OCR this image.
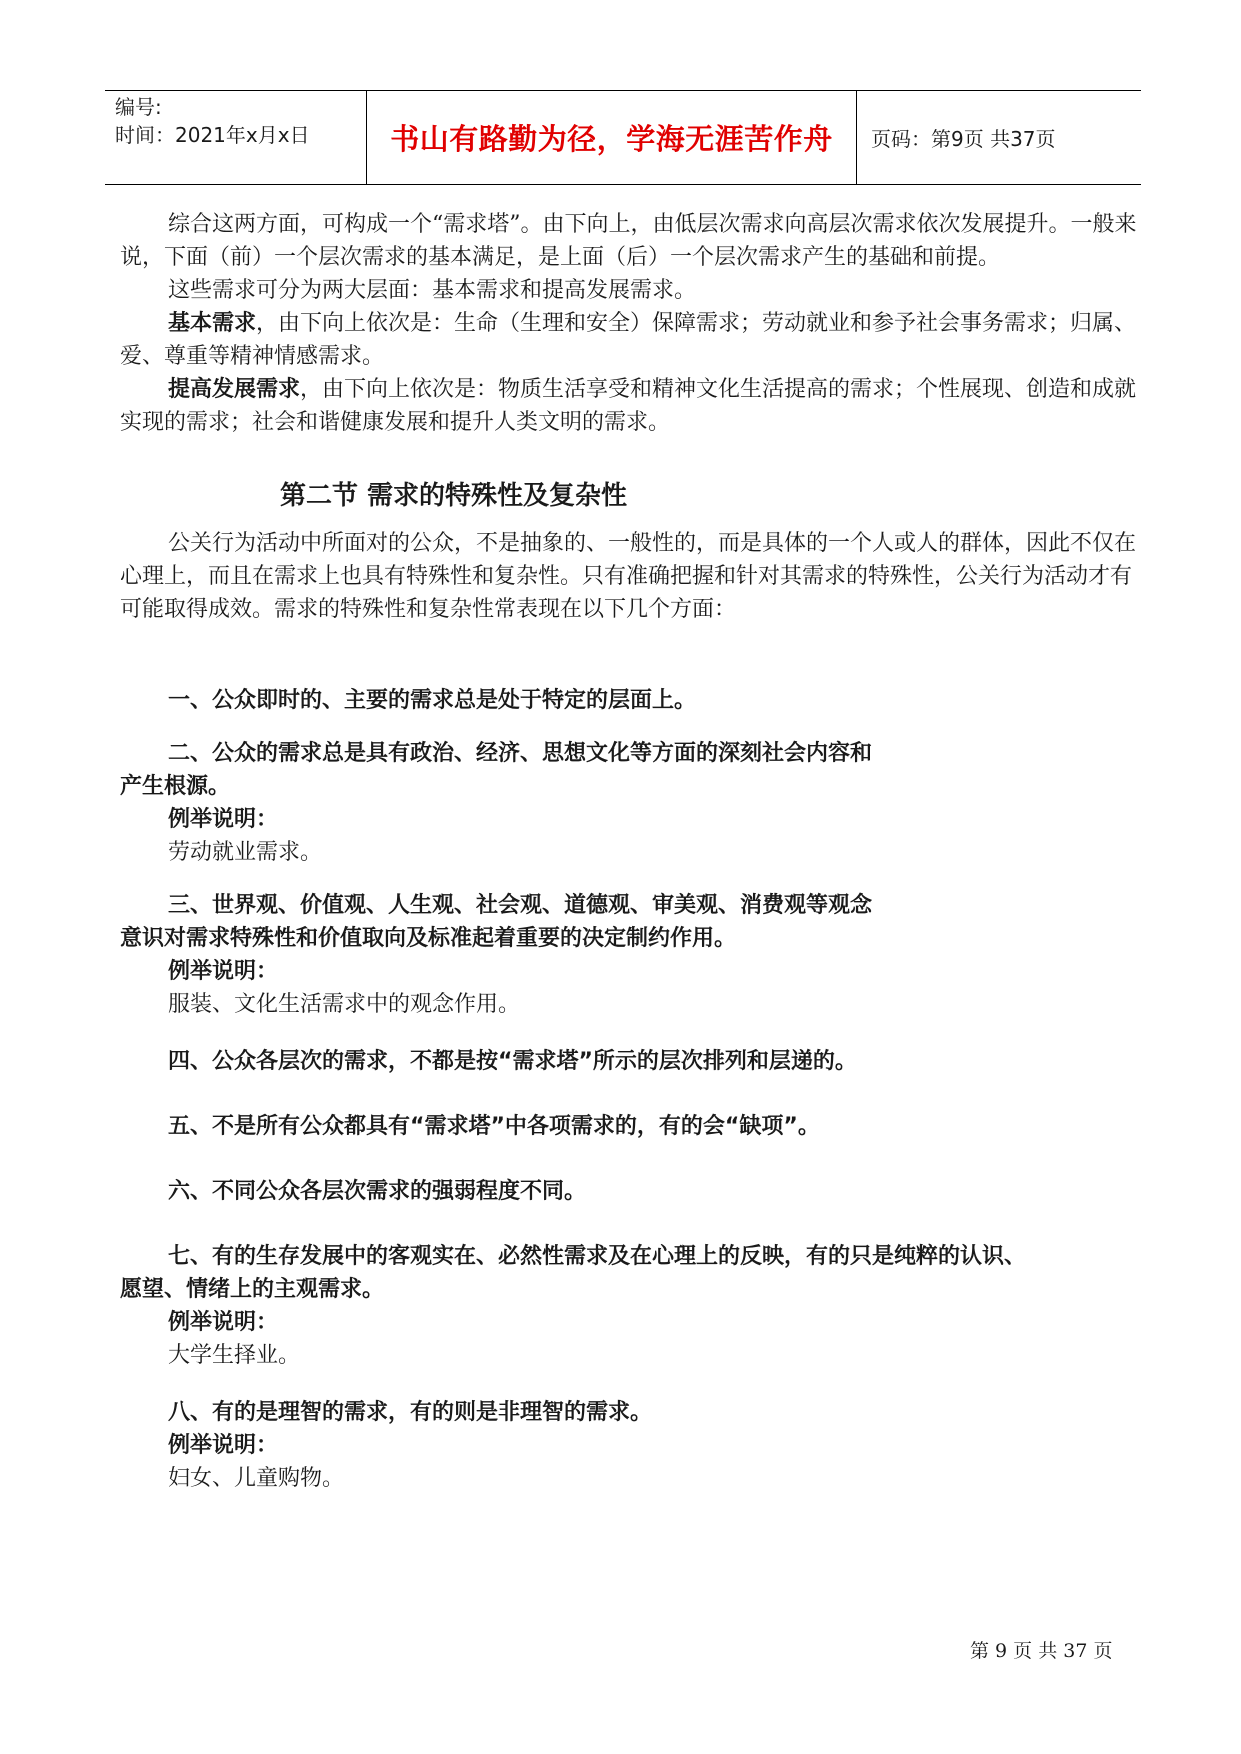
编号:
时间：2021年x月x日	书山有路勤为径，学海无涯苦作舟	页码：第9页 共37页

综合这两方面，可构成一个“需求塔”。由下向上，由低层次需求向高层次需求依次发展提升。一般来说，下面（前）一个层次需求的基本满足，是上面（后）一个层次需求产生的基础和前提。

这些需求可分为两大层面：基本需求和提高发展需求。

基本需求，由下向上依次是：生命（生理和安全）保障需求；劳动就业和参予社会事务需求；归属、爱、尊重等精神情感需求。

提高发展需求，由下向上依次是：物质生活享受和精神文化生活提高的需求；个性展现、创造和成就实现的需求；社会和谐健康发展和提升人类文明的需求。

第二节 需求的特殊性及复杂性

公关行为活动中所面对的公众，不是抽象的、一般性的，而是具体的一个人或人的群体，因此不仅在心理上，而且在需求上也具有特殊性和复杂性。只有准确把握和针对其需求的特殊性，公关行为活动才有可能取得成效。需求的特殊性和复杂性常表现在以下几个方面：

一、公众即时的、主要的需求总是处于特定的层面上。
二、公众的需求总是具有政治、经济、思想文化等方面的深刻社会内容和
产生根源。
例举说明：
劳动就业需求。
三、世界观、价值观、人生观、社会观、道德观、审美观、消费观等观念
意识对需求特殊性和价值取向及标准起着重要的决定制约作用。
例举说明：
服装、文化生活需求中的观念作用。
四、公众各层次的需求，不都是按“需求塔”所示的层次排列和层递的。
五、不是所有公众都具有“需求塔”中各项需求的，有的会“缺项”。
六、不同公众各层次需求的强弱程度不同。
七、有的生存发展中的客观实在、必然性需求及在心理上的反映，有的只是纯粹的认识、
愿望、情绪上的主观需求。
例举说明：
大学生择业。
八、有的是理智的需求，有的则是非理智的需求。
例举说明：
妇女、儿童购物。
第 9 页 共 37 页
